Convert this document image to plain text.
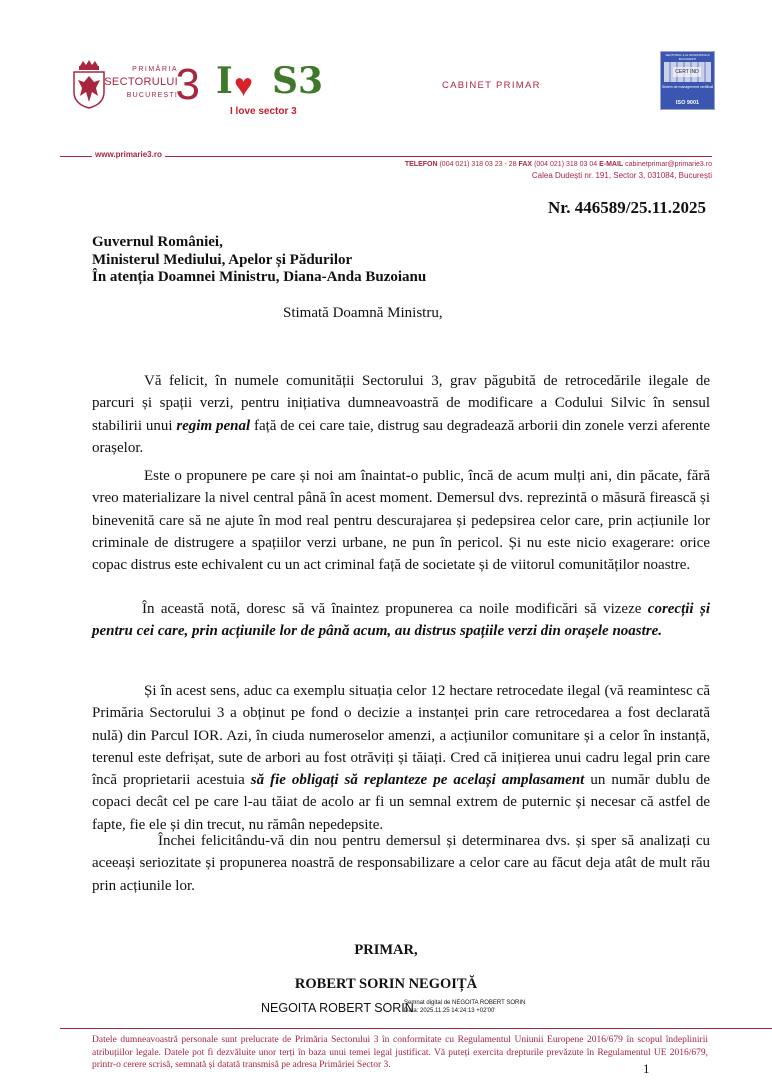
PRIMĂRIA
SECTORULUI
BUCUREȘTI
3 I ♥ S3
I love sector 3
CABINET PRIMAR
SECTORUL 3 AL MUNICIPIULUI BUCUREȘTI
CERT IND
Sistem de management certificat
ISO 9001
www.primarie3.ro
TELEFON (004 021) 318 03 23 - 28 FAX (004 021) 318 03 04 E-MAIL cabinetprimar@primarie3.ro
Calea Dudești nr. 191, Sector 3, 031084, București
Nr. 446589/25.11.2025
Guvernul României,
Ministerul Mediului, Apelor și Pădurilor
În atenția Doamnei Ministru, Diana-Anda Buzoianu
Stimată Doamnă Ministru,

Vă felicit, în numele comunității Sectorului 3, grav păgubită de retrocedările ilegale de parcuri și spații verzi, pentru inițiativa dumneavoastră de modificare a Codului Silvic în sensul stabilirii unui regim penal față de cei care taie, distrug sau degradează arborii din zonele verzi aferente orașelor.

Este o propunere pe care și noi am înaintat-o public, încă de acum mulți ani, din păcate, fără vreo materializare la nivel central până în acest moment. Demersul dvs. reprezintă o măsură firească și binevenită care să ne ajute în mod real pentru descurajarea și pedepsirea celor care, prin acțiunile lor criminale de distrugere a spațiilor verzi urbane, ne pun în pericol. Și nu este nicio exagerare: orice copac distrus este echivalent cu un act criminal față de societate și de viitorul comunităților noastre.

În această notă, doresc să vă înaintez propunerea ca noile modificări să vizeze corecții și pentru cei care, prin acțiunile lor de până acum, au distrus spațiile verzi din orașele noastre.

Și în acest sens, aduc ca exemplu situația celor 12 hectare retrocedate ilegal (vă reamintesc că Primăria Sectorului 3 a obținut pe fond o decizie a instanței prin care retrocedarea a fost declarată nulă) din Parcul IOR. Azi, în ciuda numeroselor amenzi, a acțiunilor comunitare și a celor în instanță, terenul este defrișat, sute de arbori au fost otrăviți și tăiați. Cred că inițierea unui cadru legal prin care încă proprietarii acestuia să fie obligați să replanteze pe același amplasament un număr dublu de copaci decât cel pe care l-au tăiat de acolo ar fi un semnal extrem de puternic și necesar că astfel de fapte, fie ele și din trecut, nu rămân nepedepsite.

Închei felicitându-vă din nou pentru demersul și determinarea dvs. și sper să analizați cu aceeași seriozitate și propunerea noastră de responsabilizare a celor care au făcut deja atât de mult rău prin acțiunile lor.

PRIMAR,
ROBERT SORIN NEGOIȚĂ
NEGOITA ROBERT SORIN
Semnat digital de NEGOITA ROBERT SORIN
Data: 2025.11.25 14:24:13 +02'00'
Datele dumneavoastră personale sunt prelucrate de Primăria Sectorului 3 în conformitate cu Regulamentul Uniunii Europene 2016/679 în scopul îndeplinirii atribuțiilor legale. Datele pot fi dezvăluite unor terți în baza unui temei legal justificat. Vă puteți exercita drepturile prevăzute în Regulamentul UE 2016/679, printr-o cerere scrisă, semnată și datată transmisă pe adresa Primăriei Sector 3.	1
